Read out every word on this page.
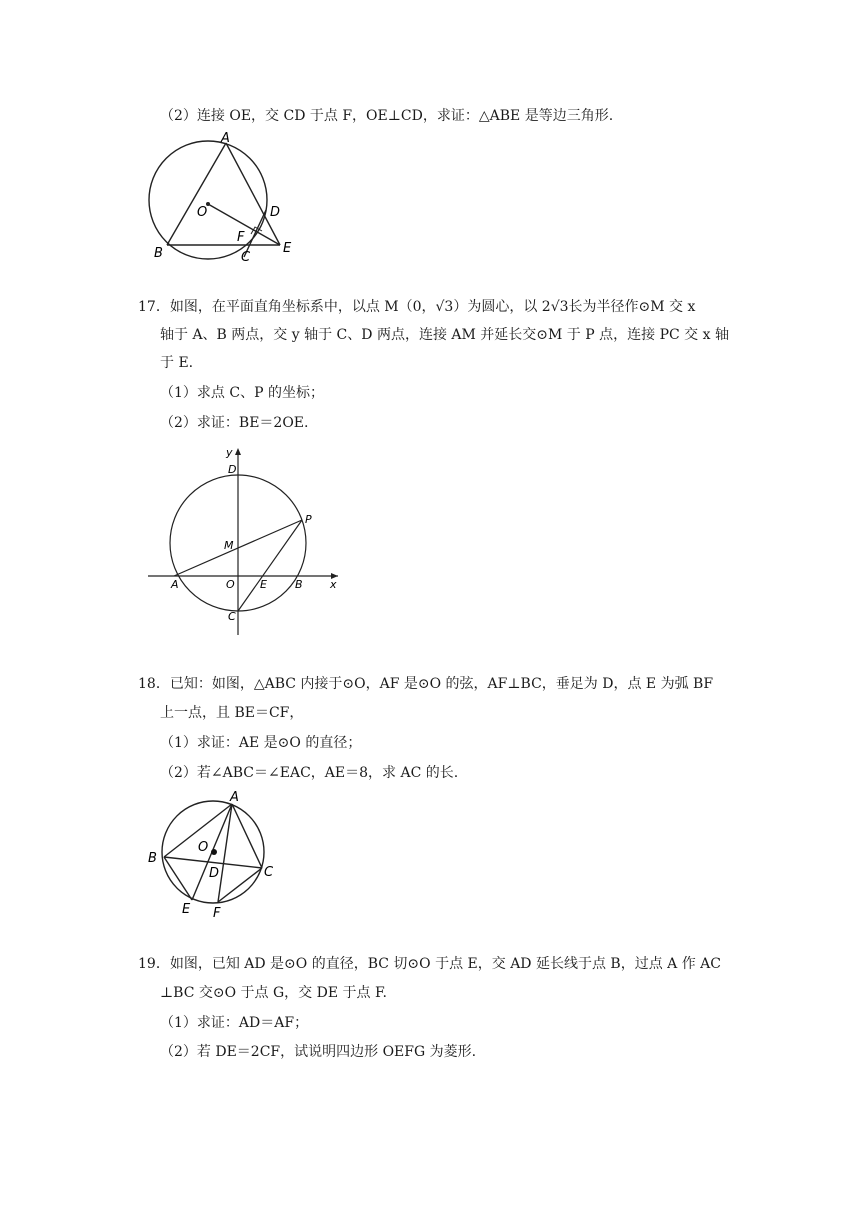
（2）连接 OE，交 CD 于点 F，OE⊥CD，求证：△ABE 是等边三角形.
A
O	D
F
B	C
E
17．如图，在平面直角坐标系中，以点 M（0，√3）为圆心，以 2√3长为半径作⊙M 交 x
轴于 A、B 两点，交 y 轴于 C、D 两点，连接 AM 并延长交⊙M 于 P 点，连接 PC 交 x 轴
于 E.
（1）求点 C、P 的坐标；
（2）求证：BE＝2OE.
y
D
P
M
A	O E	B x
C
18．已知：如图，△ABC 内接于⊙O，AF 是⊙O 的弦，AF⊥BC，垂足为 D，点 E 为弧 BF
上一点，且 BE＝CF，
（1）求证：AE 是⊙O 的直径；
（2）若∠ABC＝∠EAC，AE＝8，求 AC 的长.
A
O
B
D	C
E F
19．如图，已知 AD 是⊙O 的直径，BC 切⊙O 于点 E，交 AD 延长线于点 B，过点 A 作 AC
⊥BC 交⊙O 于点 G，交 DE 于点 F.
（1）求证：AD＝AF；
（2）若 DE＝2CF，试说明四边形 OEFG 为菱形.
